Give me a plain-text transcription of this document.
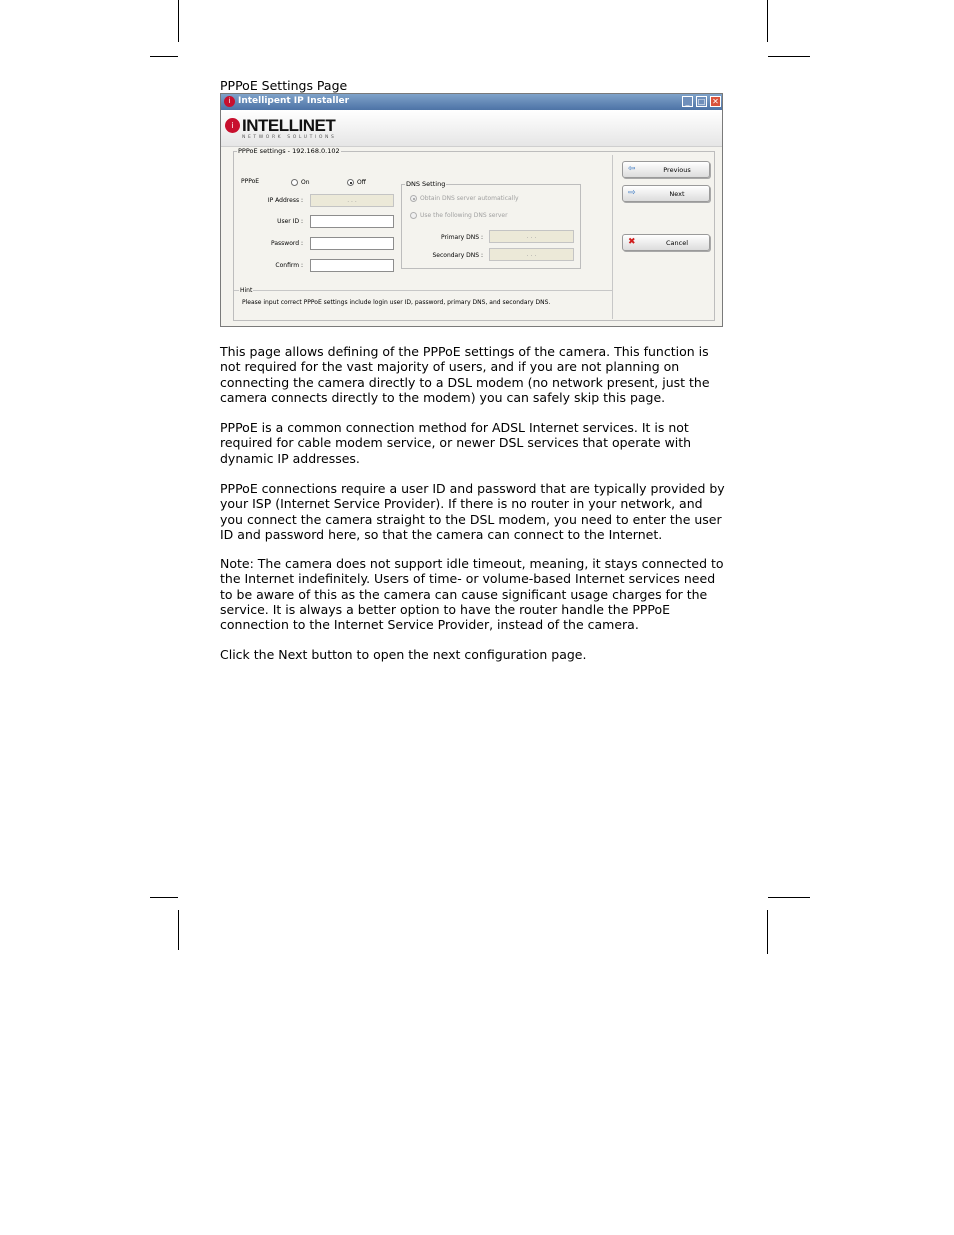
PPPoE Settings Page
i Intellipent IP Installer	_	□ ✕
i INTELLINET
NETWORK SOLUTIONS
PPPoE settings - 192.168.0.102
PPPoE	On	Off
IP Address :	. . .
User ID :
Password :
Confirm :
DNS Setting
Obtain DNS server automatically
Use the following DNS server
Primary DNS :	. . .
Secondary DNS :	. . .
Hint
Please input correct PPPoE settings include login user ID, password, primary DNS, and secondary DNS.
⇦	Previous
⇨	Next
✖	Cancel

This page allows defining of the PPPoE settings of the camera. This function is not required for the vast majority of users, and if you are not planning on connecting the camera directly to a DSL modem (no network present, just the camera connects directly to the modem) you can safely skip this page.

PPPoE is a common connection method for ADSL Internet services. It is not required for cable modem service, or newer DSL services that operate with dynamic IP addresses.

PPPoE connections require a user ID and password that are typically provided by your ISP (Internet Service Provider). If there is no router in your network, and you connect the camera straight to the DSL modem, you need to enter the user ID and password here, so that the camera can connect to the Internet.

Note: The camera does not support idle timeout, meaning, it stays connected to the Internet indefinitely. Users of time- or volume-based Internet services need to be aware of this as the camera can cause significant usage charges for the service. It is always a better option to have the router handle the PPPoE connection to the Internet Service Provider, instead of the camera.

Click the Next button to open the next configuration page.
